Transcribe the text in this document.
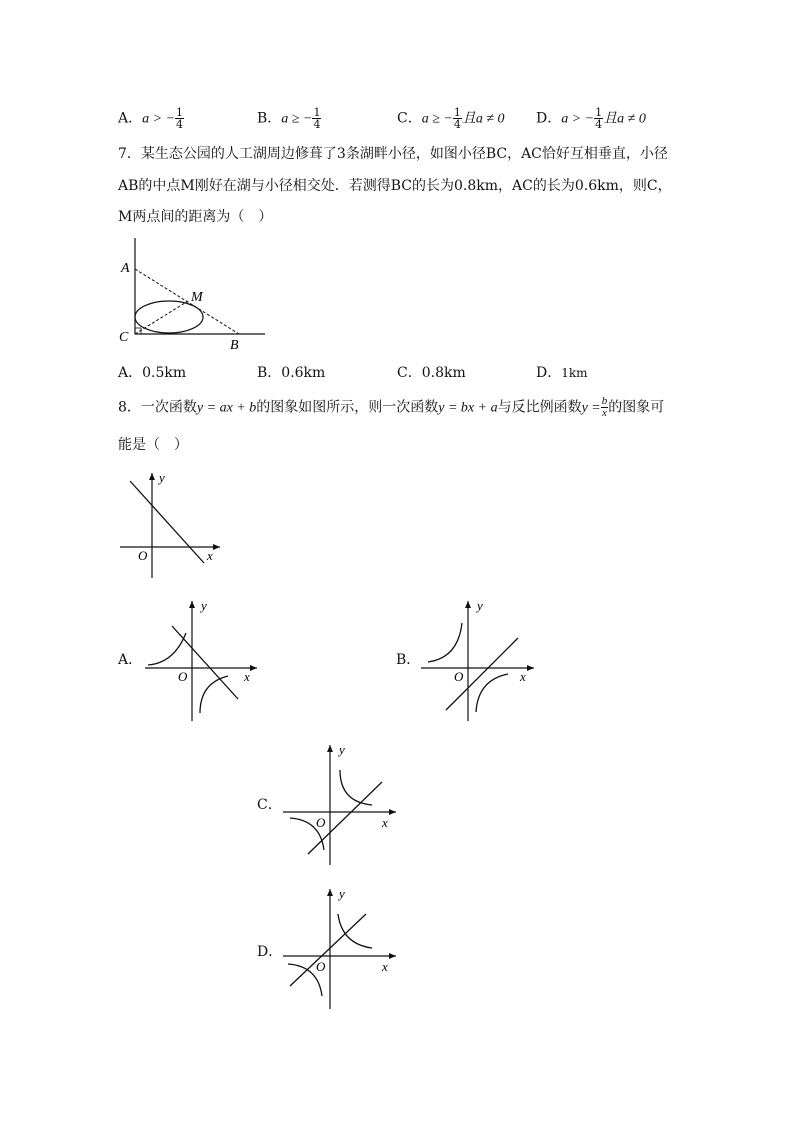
A．a > − $\frac{1}{4}$	B．a ≥ − $\frac{1}{4}$	C．a ≥ − $\frac{1}{4}$ 且a ≠ 0 D．a > − $\frac{1}{4}$ 且a ≠ 0
7．某生态公园的人工湖周边修葺了3条湖畔小径，如图小径BC，AC恰好互相垂直，小径
AB的中点M刚好在湖与小径相交处．若测得BC的长为0.8km，AC的长为0.6km，则C，
M两点间的距离为（　）
A
M
C
B
A．0.5km	B．0.6km	C．0.8km	D．1km
8．一次函数y = ax + b的图象如图所示，则一次函数y = bx + a与反比例函数$y = \frac{b}{x}$ 的图象可
能是（　）
y
O	x
A．
y
O	x
B．
y
O	x
C．
y
O	x
D．
y
O	x
